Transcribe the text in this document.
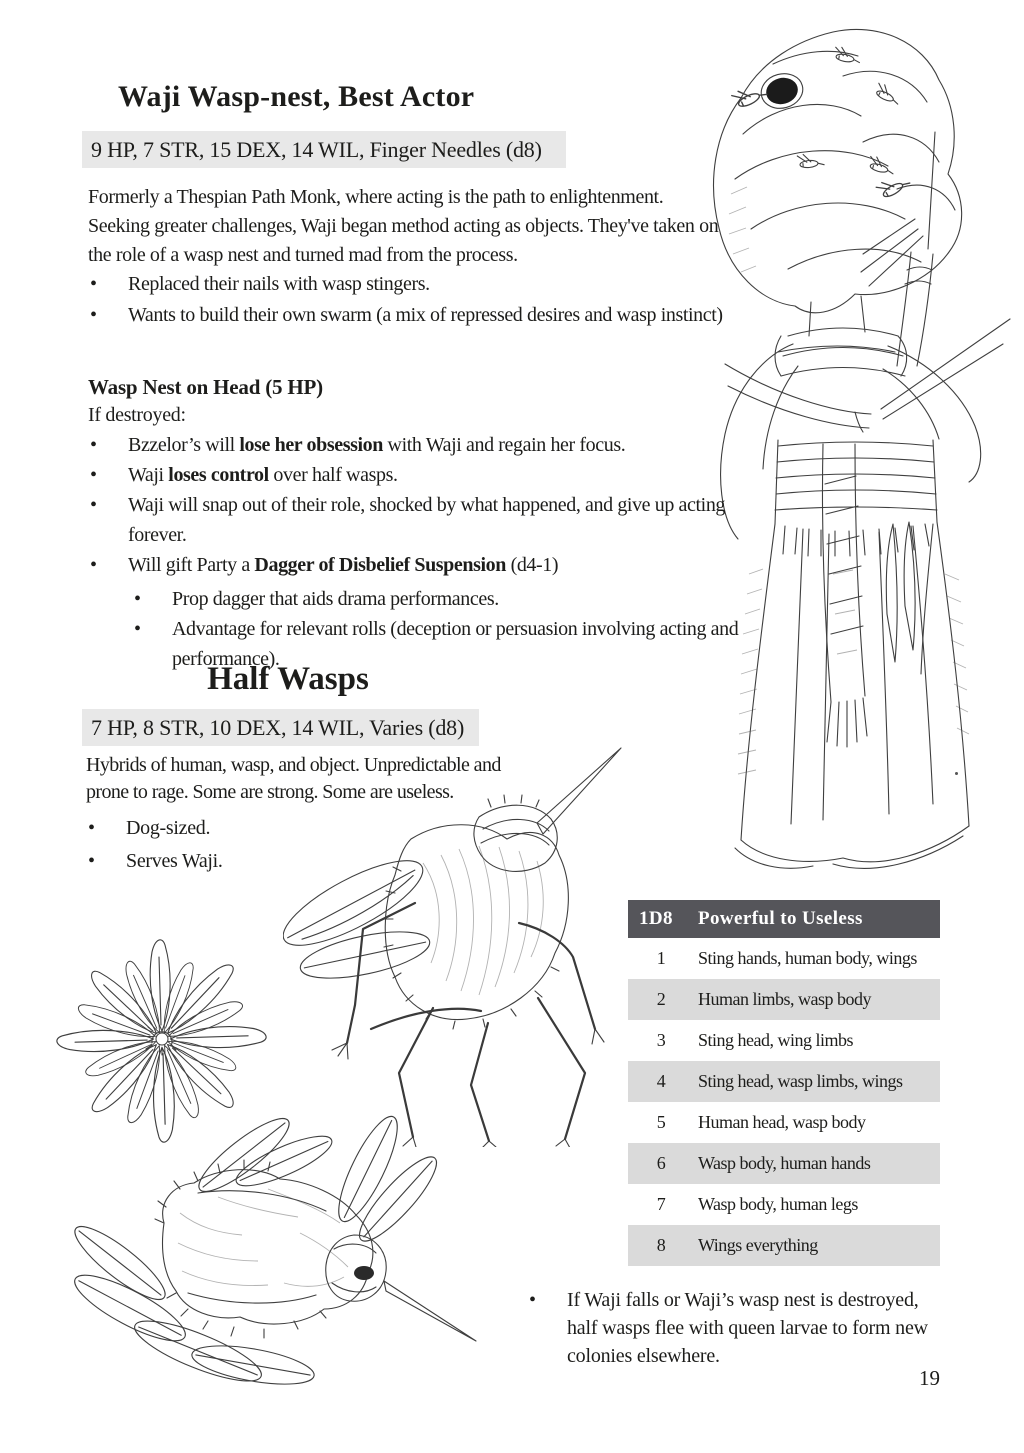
Waji Wasp-nest, Best Actor
9 HP, 7 STR, 15 DEX, 14 WIL, Finger Needles (d8)

Formerly a Thespian Path Monk, where acting is the path to enlightenment. Seeking greater challenges, Waji began method acting as objects. They've taken on the role of a wasp nest and turned mad from the process.

• Replaced their nails with wasp stingers.
• Wants to build their own swarm (a mix of repressed desires and wasp instinct)
Wasp Nest on Head (5 HP)

If destroyed:

• Bzzelor’s will lose her obsession with Waji and regain her focus.
• Waji loses control over half wasps.
• Waji will snap out of their role, shocked by what happened, and give up acting forever.
• Will gift Party a Dagger of Disbelief Suspension (d4-1)
• Prop dagger that aids drama performances.
• Advantage for relevant rolls (deception or persuasion involving acting and performance).
Half Wasps
7 HP, 8 STR, 10 DEX, 14 WIL, Varies (d8)

Hybrids of human, wasp, and object. Unpredictable and prone to rage. Some are strong. Some are useless.

• Dog-sized.
• Serves Waji.
1D8	Powerful to Useless
1	Sting hands, human body, wings
2	Human limbs, wasp body
3	Sting head, wing limbs
4	Sting head, wasp limbs, wings
5	Human head, wasp body
6	Wasp body, human hands
7	Wasp body, human legs
8	Wings everything
• If Waji falls or Waji’s wasp nest is destroyed, half wasps flee with queen larvae to form new colonies elsewhere.
19
